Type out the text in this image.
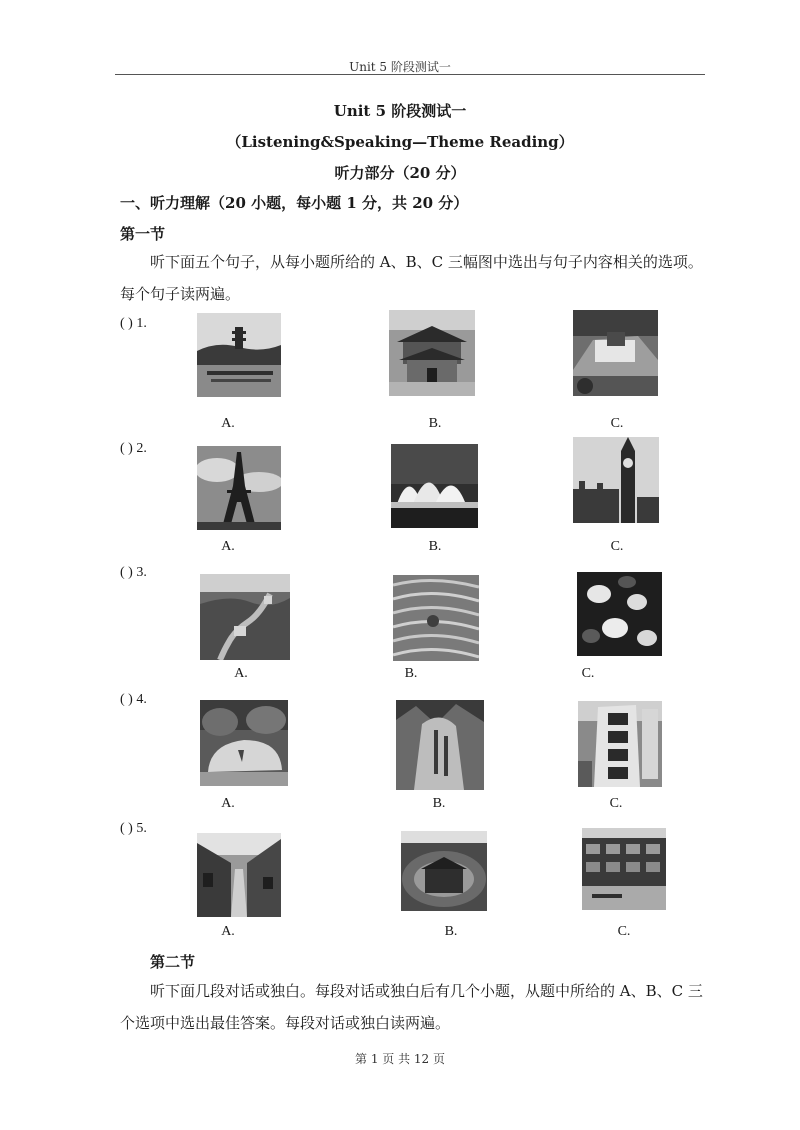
Unit 5 阶段测试一
Unit 5 阶段测试一
（Listening&Speaking—Theme Reading）
听力部分（20 分）
一、听力理解（20 小题，每小题 1 分，共 20 分）
第一节
听下面五个句子，从每小题所给的 A、B、C 三幅图中选出与句子内容相关的选项。每个句子读两遍。
( ) 1.
A.	B.	C.
( ) 2.
A.	B.	C.
( ) 3.
A.	B.	C.
( ) 4.
A.	B.	C.
( ) 5.
A.	B.	C.
第二节
听下面几段对话或独白。每段对话或独白后有几个小题，从题中所给的 A、B、C 三个选项中选出最佳答案。每段对话或独白读两遍。
第 1 页 共 12 页
